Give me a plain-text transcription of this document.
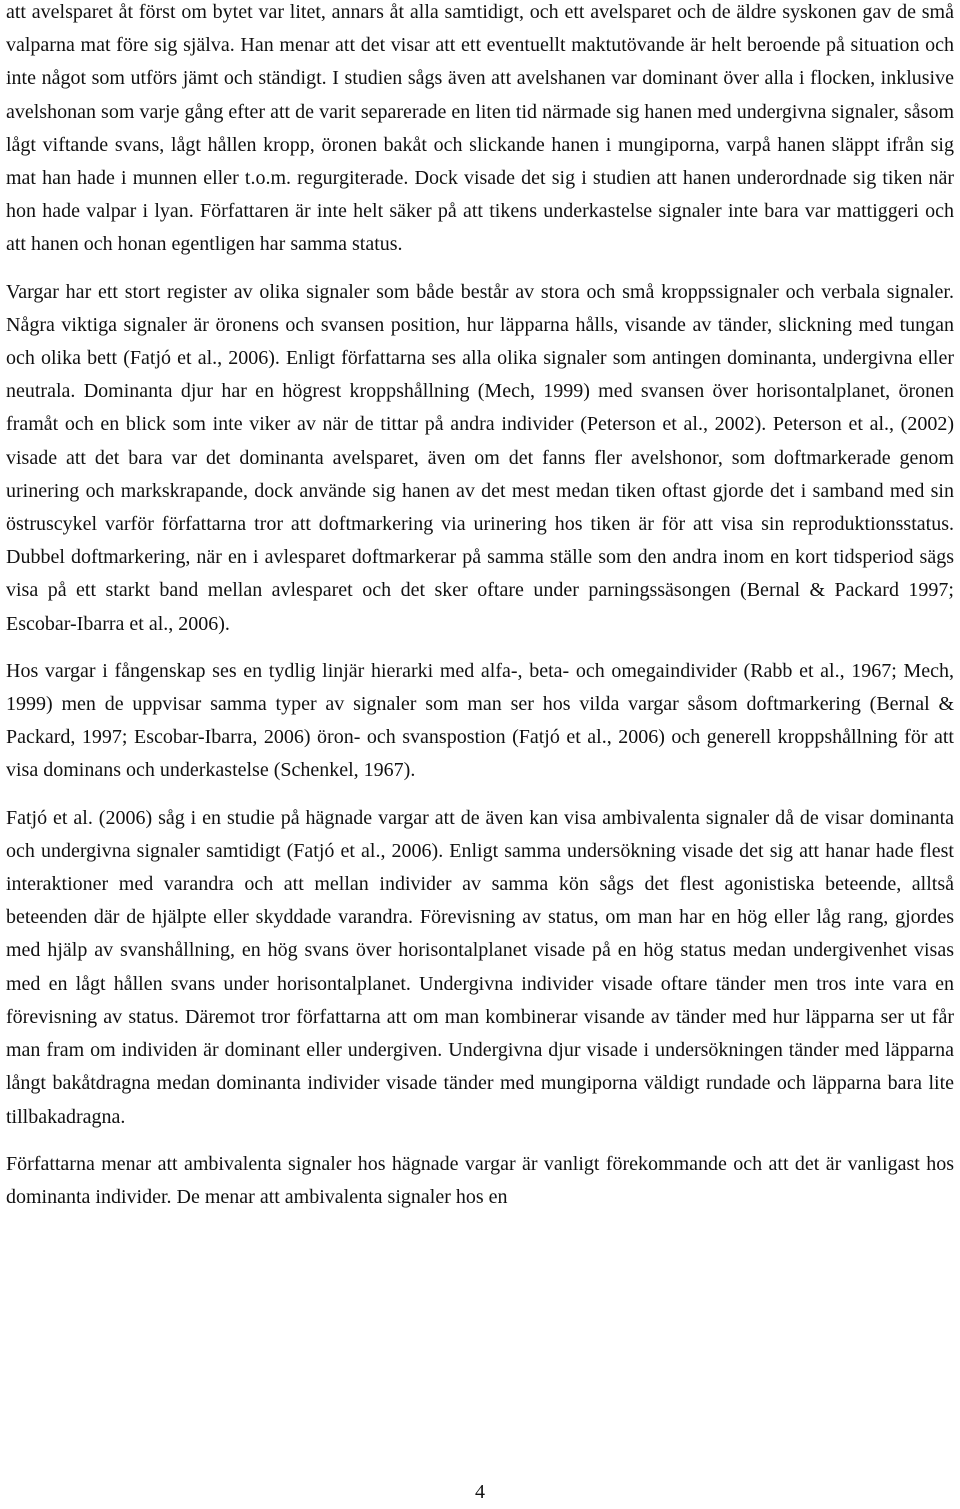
att avelsparet åt först om bytet var litet, annars åt alla samtidigt, och ett avelsparet och de äldre syskonen gav de små valparna mat före sig själva. Han menar att det visar att ett eventuellt maktutövande är helt beroende på situation och inte något som utförs jämt och ständigt. I studien sågs även att avelshanen var dominant över alla i flocken, inklusive avelshonan som varje gång efter att de varit separerade en liten tid närmade sig hanen med undergivna signaler, såsom lågt viftande svans, lågt hållen kropp, öronen bakåt och slickande hanen i mungiporna, varpå hanen släppt ifrån sig mat han hade i munnen eller t.o.m. regurgiterade. Dock visade det sig i studien att hanen underordnade sig tiken när hon hade valpar i lyan. Författaren är inte helt säker på att tikens underkastelse signaler inte bara var mattiggeri och att hanen och honan egentligen har samma status.

Vargar har ett stort register av olika signaler som både består av stora och små kroppssignaler och verbala signaler. Några viktiga signaler är öronens och svansen position, hur läpparna hålls, visande av tänder, slickning med tungan och olika bett (Fatjó et al., 2006). Enligt författarna ses alla olika signaler som antingen dominanta, undergivna eller neutrala. Dominanta djur har en högrest kroppshållning (Mech, 1999) med svansen över horisontalplanet, öronen framåt och en blick som inte viker av när de tittar på andra individer (Peterson et al., 2002). Peterson et al., (2002) visade att det bara var det dominanta avelsparet, även om det fanns fler avelshonor, som doftmarkerade genom urinering och markskrapande, dock använde sig hanen av det mest medan tiken oftast gjorde det i samband med sin östruscykel varför författarna tror att doftmarkering via urinering hos tiken är för att visa sin reproduktionsstatus. Dubbel doftmarkering, när en i avlesparet doftmarkerar på samma ställe som den andra inom en kort tidsperiod sägs visa på ett starkt band mellan avlesparet och det sker oftare under parningssäsongen (Bernal & Packard 1997; Escobar-Ibarra et al., 2006).

Hos vargar i fångenskap ses en tydlig linjär hierarki med alfa-, beta- och omegaindivider (Rabb et al., 1967; Mech, 1999) men de uppvisar samma typer av signaler som man ser hos vilda vargar såsom doftmarkering (Bernal & Packard, 1997; Escobar-Ibarra, 2006) öron- och svanspostion (Fatjó et al., 2006) och generell kroppshållning för att visa dominans och underkastelse (Schenkel, 1967).

Fatjó et al. (2006) såg i en studie på hägnade vargar att de även kan visa ambivalenta signaler då de visar dominanta och undergivna signaler samtidigt (Fatjó et al., 2006). Enligt samma undersökning visade det sig att hanar hade flest interaktioner med varandra och att mellan individer av samma kön sågs det flest agonistiska beteende, alltså beteenden där de hjälpte eller skyddade varandra. Förevisning av status, om man har en hög eller låg rang, gjordes med hjälp av svanshållning, en hög svans över horisontalplanet visade på en hög status medan undergivenhet visas med en lågt hållen svans under horisontalplanet. Undergivna individer visade oftare tänder men tros inte vara en förevisning av status. Däremot tror författarna att om man kombinerar visande av tänder med hur läpparna ser ut får man fram om individen är dominant eller undergiven. Undergivna djur visade i undersökningen tänder med läpparna långt bakåtdragna medan dominanta individer visade tänder med mungiporna väldigt rundade och läpparna bara lite tillbakadragna.

Författarna menar att ambivalenta signaler hos hägnade vargar är vanligt förekommande och att det är vanligast hos dominanta individer. De menar att ambivalenta signaler hos en

4
